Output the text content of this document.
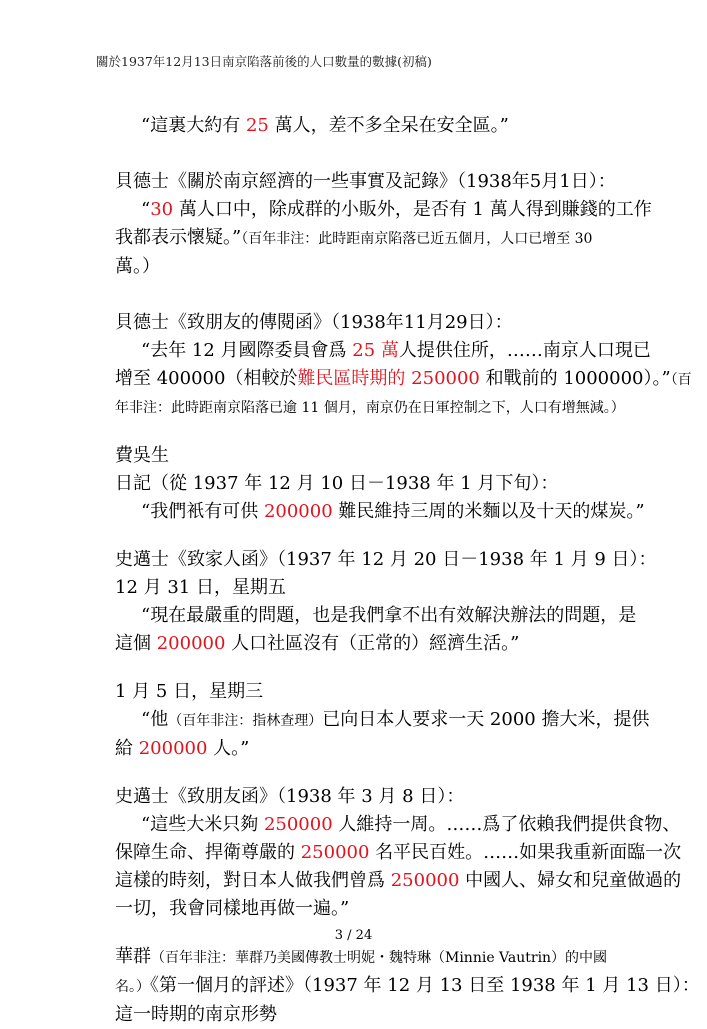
關於1937年12月13日南京陷落前後的人口數量的數據(初稿)
“這裏大約有 25 萬人，差不多全呆在安全區。”
貝德士《關於南京經濟的一些事實及記錄》（1938年5月1日）：
“30 萬人口中，除成群的小販外，是否有 1 萬人得到賺錢的工作
我都表示懷疑。”（百年非注：此時距南京陷落已近五個月，人口已增至 30
萬。）
貝德士《致朋友的傳閱函》（1938年11月29日）：
“去年 12 月國際委員會爲 25 萬人提供住所，……南京人口現已
增至 400000（相較於難民區時期的 250000 和戰前的 1000000）。”（百
年非注：此時距南京陷落已逾 11 個月，南京仍在日軍控制之下，人口有增無減。）
費吳生
日記（從 1937 年 12 月 10 日－1938 年 1 月下旬）：
“我們衹有可供 200000 難民維持三周的米麵以及十天的煤炭。”
史邁士《致家人函》（1937 年 12 月 20 日－1938 年 1 月 9 日）：
12 月 31 日，星期五
“現在最嚴重的問題，也是我們拿不出有效解決辦法的問題，是
這個 200000 人口社區沒有（正常的）經濟生活。”
1 月 5 日，星期三
“他（百年非注：指林查理）已向日本人要求一天 2000 擔大米，提供
給 200000 人。”
史邁士《致朋友函》（1938 年 3 月 8 日）：
“這些大米只夠 250000 人維持一周。……爲了依賴我們提供食物、
保障生命、捍衛尊嚴的 250000 名平民百姓。……如果我重新面臨一次
這樣的時刻，對日本人做我們曾爲 250000 中國人、婦女和兒童做過的
一切，我會同樣地再做一遍。”
華群（百年非注：華群乃美國傳教士明妮・魏特琳（Minnie Vautrin）的中國
名。）《第一個月的評述》（1937 年 12 月 13 日至 1938 年 1 月 13 日）：
這一時期的南京形勢
3 / 24
